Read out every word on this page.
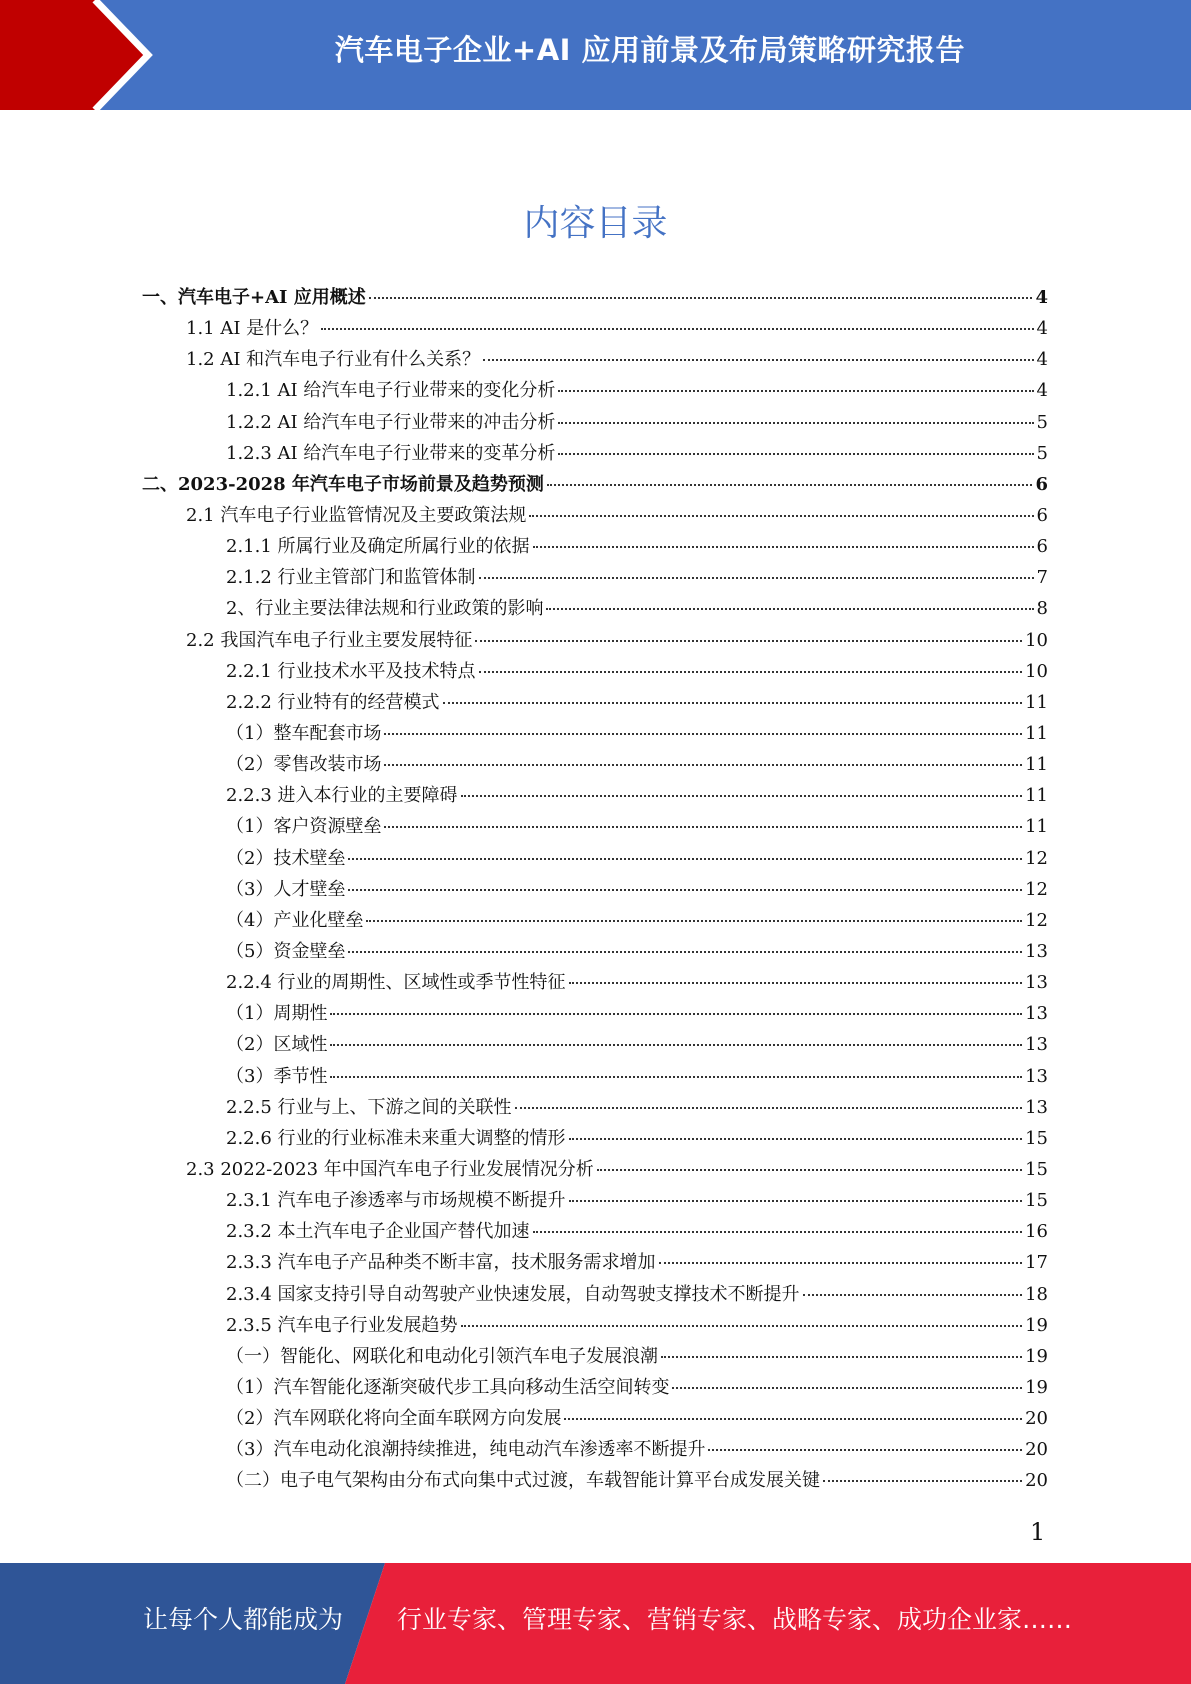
汽车电子企业+AI 应用前景及布局策略研究报告
内容目录
一、汽车电子+AI 应用概述	4
1.1 AI 是什么？	4
1.2 AI 和汽车电子行业有什么关系？	4
1.2.1 AI 给汽车电子行业带来的变化分析	4
1.2.2 AI 给汽车电子行业带来的冲击分析	5
1.2.3 AI 给汽车电子行业带来的变革分析	5
二、2023-2028 年汽车电子市场前景及趋势预测	6
2.1 汽车电子行业监管情况及主要政策法规	6
2.1.1 所属行业及确定所属行业的依据	6
2.1.2 行业主管部门和监管体制	7
2、行业主要法律法规和行业政策的影响	8
2.2 我国汽车电子行业主要发展特征	10
2.2.1 行业技术水平及技术特点	10
2.2.2 行业特有的经营模式	11
（1）整车配套市场	11
（2）零售改装市场	11
2.2.3 进入本行业的主要障碍	11
（1）客户资源壁垒	11
（2）技术壁垒	12
（3）人才壁垒	12
（4）产业化壁垒	12
（5）资金壁垒	13
2.2.4 行业的周期性、区域性或季节性特征	13
（1）周期性	13
（2）区域性	13
（3）季节性	13
2.2.5 行业与上、下游之间的关联性	13
2.2.6 行业的行业标准未来重大调整的情形	15
2.3 2022-2023 年中国汽车电子行业发展情况分析	15
2.3.1 汽车电子渗透率与市场规模不断提升	15
2.3.2 本土汽车电子企业国产替代加速	16
2.3.3 汽车电子产品种类不断丰富，技术服务需求增加	17
2.3.4 国家支持引导自动驾驶产业快速发展，自动驾驶支撑技术不断提升	18
2.3.5 汽车电子行业发展趋势	19
（一）智能化、网联化和电动化引领汽车电子发展浪潮	19
（1）汽车智能化逐渐突破代步工具向移动生活空间转变	19
（2）汽车网联化将向全面车联网方向发展	20
（3）汽车电动化浪潮持续推进，纯电动汽车渗透率不断提升	20
（二）电子电气架构由分布式向集中式过渡，车载智能计算平台成发展关键	20
1
让每个人都能成为 行业专家、管理专家、营销专家、战略专家、成功企业家……
